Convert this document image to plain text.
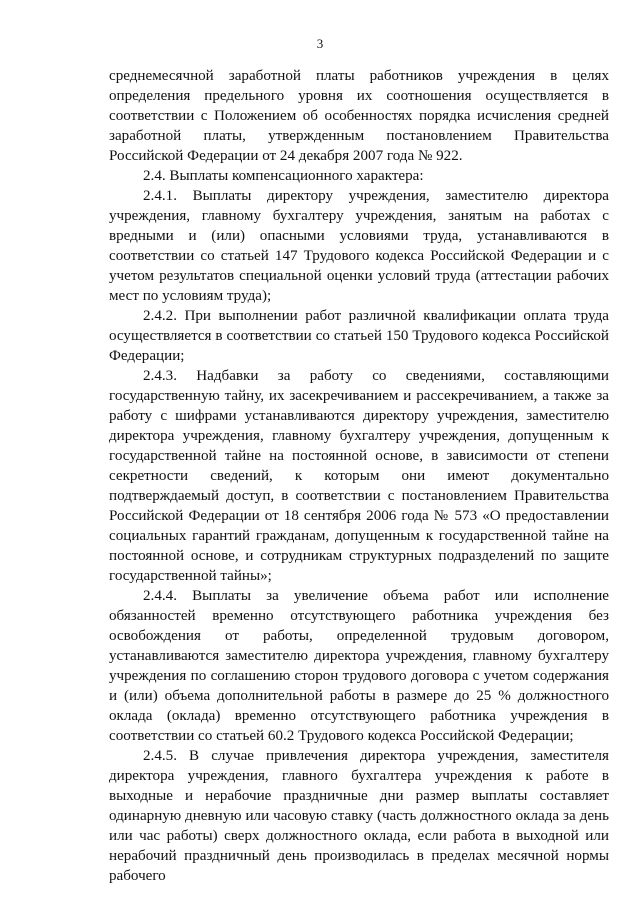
3

среднемесячной заработной платы работников учреждения в целях определения предельного уровня их соотношения осуществляется в соответствии с Положением об особенностях порядка исчисления средней заработной платы, утвержденным постановлением Правительства Российской Федерации от 24 декабря 2007 года № 922.

2.4. Выплаты компенсационного характера:

2.4.1. Выплаты директору учреждения, заместителю директора учреждения, главному бухгалтеру учреждения, занятым на работах с вредными и (или) опасными условиями труда, устанавливаются в соответствии со статьей 147 Трудового кодекса Российской Федерации и с учетом результатов специальной оценки условий труда (аттестации рабочих мест по условиям труда);

2.4.2. При выполнении работ различной квалификации оплата труда осуществляется в соответствии со статьей 150 Трудового кодекса Российской Федерации;

2.4.3. Надбавки за работу со сведениями, составляющими государственную тайну, их засекречиванием и рассекречиванием, а также за работу с шифрами устанавливаются директору учреждения, заместителю директора учреждения, главному бухгалтеру учреждения, допущенным к государственной тайне на постоянной основе, в зависимости от степени секретности сведений, к которым они имеют документально подтверждаемый доступ, в соответствии с постановлением Правительства Российской Федерации от 18 сентября 2006 года № 573 «О предоставлении социальных гарантий гражданам, допущенным к государственной тайне на постоянной основе, и сотрудникам структурных подразделений по защите государственной тайны»;

2.4.4. Выплаты за увеличение объема работ или исполнение обязанностей временно отсутствующего работника учреждения без освобождения от работы, определенной трудовым договором, устанавливаются заместителю директора учреждения, главному бухгалтеру учреждения по соглашению сторон трудового договора с учетом содержания и (или) объема дополнительной работы в размере до 25 % должностного оклада (оклада) временно отсутствующего работника учреждения в соответствии со статьей 60.2 Трудового кодекса Российской Федерации;

2.4.5. В случае привлечения директора учреждения, заместителя директора учреждения, главного бухгалтера учреждения к работе в выходные и нерабочие праздничные дни размер выплаты составляет одинарную дневную или часовую ставку (часть должностного оклада за день или час работы) сверх должностного оклада, если работа в выходной или нерабочий праздничный день производилась в пределах месячной нормы рабочего
